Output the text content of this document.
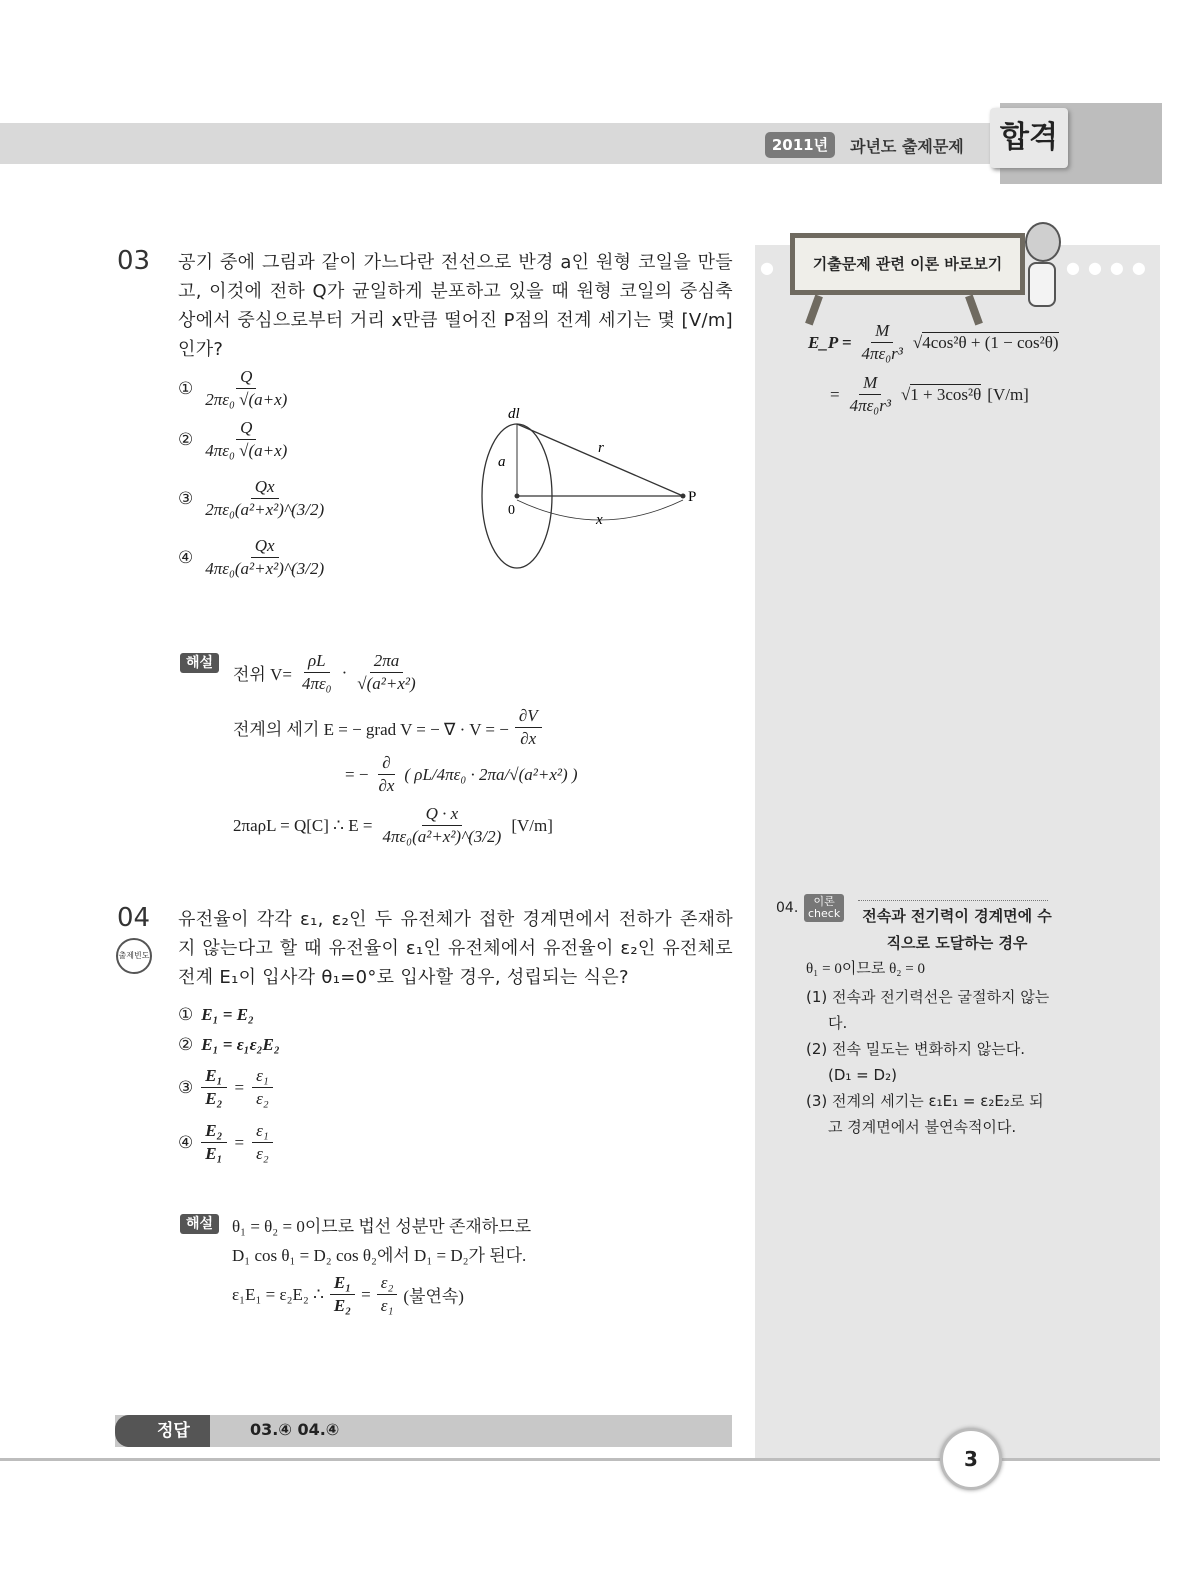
2011년	과년도 출제문제	합격
●●●●
●	기출문제 관련 이론 바로보기
E_P = $\frac{M}{\text{4πε₀r³}} √4\cos^2\theta + (1 - \cos^2\theta)$
= $\frac{M}{\text{4πε₀r³}} √1 + 3\cos^2\theta$ [V/m]
04.	이론
check 전속과 전기력이 경계면에 수직으로 도달하는 경우
θ₁ = 0이므로 θ₂ = 0
(1) 전속과 전기력선은 굴절하지 않는다.
(2) 전속 밀도는 변화하지 않는다. (D₁ = D₂)
(3) 전계의 세기는 ε₁E₁ = ε₂E₂로 되고 경계면에서 불연속적이다.
03 공기 중에 그림과 같이 가느다란 전선으로 반경 a인 원형 코일을 만들고, 이것에 전하 Q가 균일하게 분포하고 있을 때 원형 코일의 중심축 상에서 중심으로부터 거리 x만큼 떨어진 P점의 전계 세기는 몇 [V/m] 인가?
① $\frac{Q}{\text{2πε₀ √(a+x)}}$
② $\frac{Q}{\text{4πε₀ √(a+x)}}$
③ $\frac{Qx}{\text{2πε₀(a²+x²)\textasciicircum{}(3/2)}}$
④ $\frac{Qx}{\text{4πε₀(a²+x²)\textasciicircum{}(3/2)}}$
dl
r
a
0
x
P
해설
전위 $V= \frac{\rho L}{\text{4πε₀}} \cdot \frac{2\pi a}{\text{√(a²+x²)}}$
전계의 세기 E = − grad V = − ∇ · V = − $\frac{\partial V}{\partial x}$
= − $\frac{\partial}{\partial x}$ ( ρL/4πε₀ · 2πa/√(a²+x²) )
2πaρL = Q[C] ∴ $E = \frac{Q \cdot x}{\text{4πε₀(a²+x²)\textasciicircum{}(3/2)}} [V/m]$
04
출제빈도
유전율이 각각 ε₁, ε₂인 두 유전체가 접한 경계면에서 전하가 존재하지 않는다고 할 때 유전율이 ε₁인 유전체에서 유전율이 ε₂인 유전체로 전계 E₁이 입사각 θ₁=0°로 입사할 경우, 성립되는 식은?
① E₁ = E₂
② E₁ = ε₁ε₂E₂
③ $\frac{\text{E₁}}{\text{E₂}} = \frac{\text{ε₁}}{\text{ε₂}}$
④ $\frac{\text{E₂}}{\text{E₁}} = \frac{\text{ε₁}}{\text{ε₂}}$
해설	θ₁ = θ₂ = 0이므로 법선 성분만 존재하므로
D₁ cos θ₁ = D₂ cos θ₂에서 D₁ = D₂가 된다.
ε₁E₁ = ε₂E₂ ∴ $\frac{\text{E₁}}{\text{E₂}} = \frac{\text{ε₂}}{\text{ε₁}}$ (불연속)
정답	03.④ 04.④
3
